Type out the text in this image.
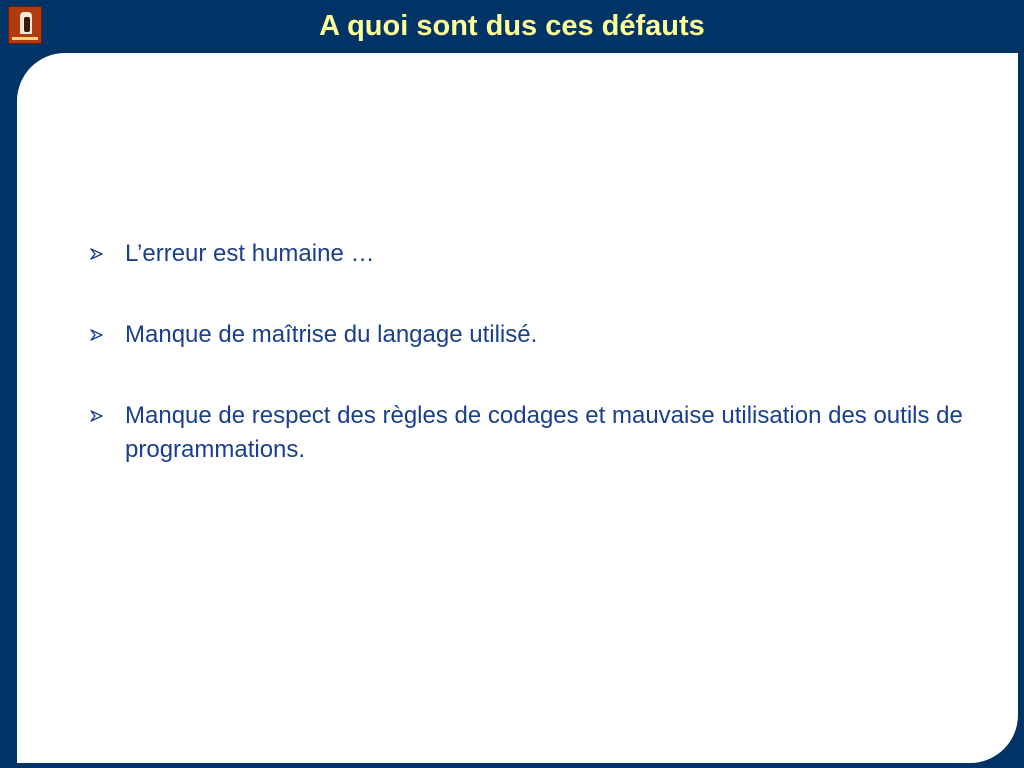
A quoi sont dus ces défauts
L’erreur est humaine …
Manque de maîtrise du langage utilisé.
Manque de respect des règles de codages et mauvaise utilisation des outils de programmations.
